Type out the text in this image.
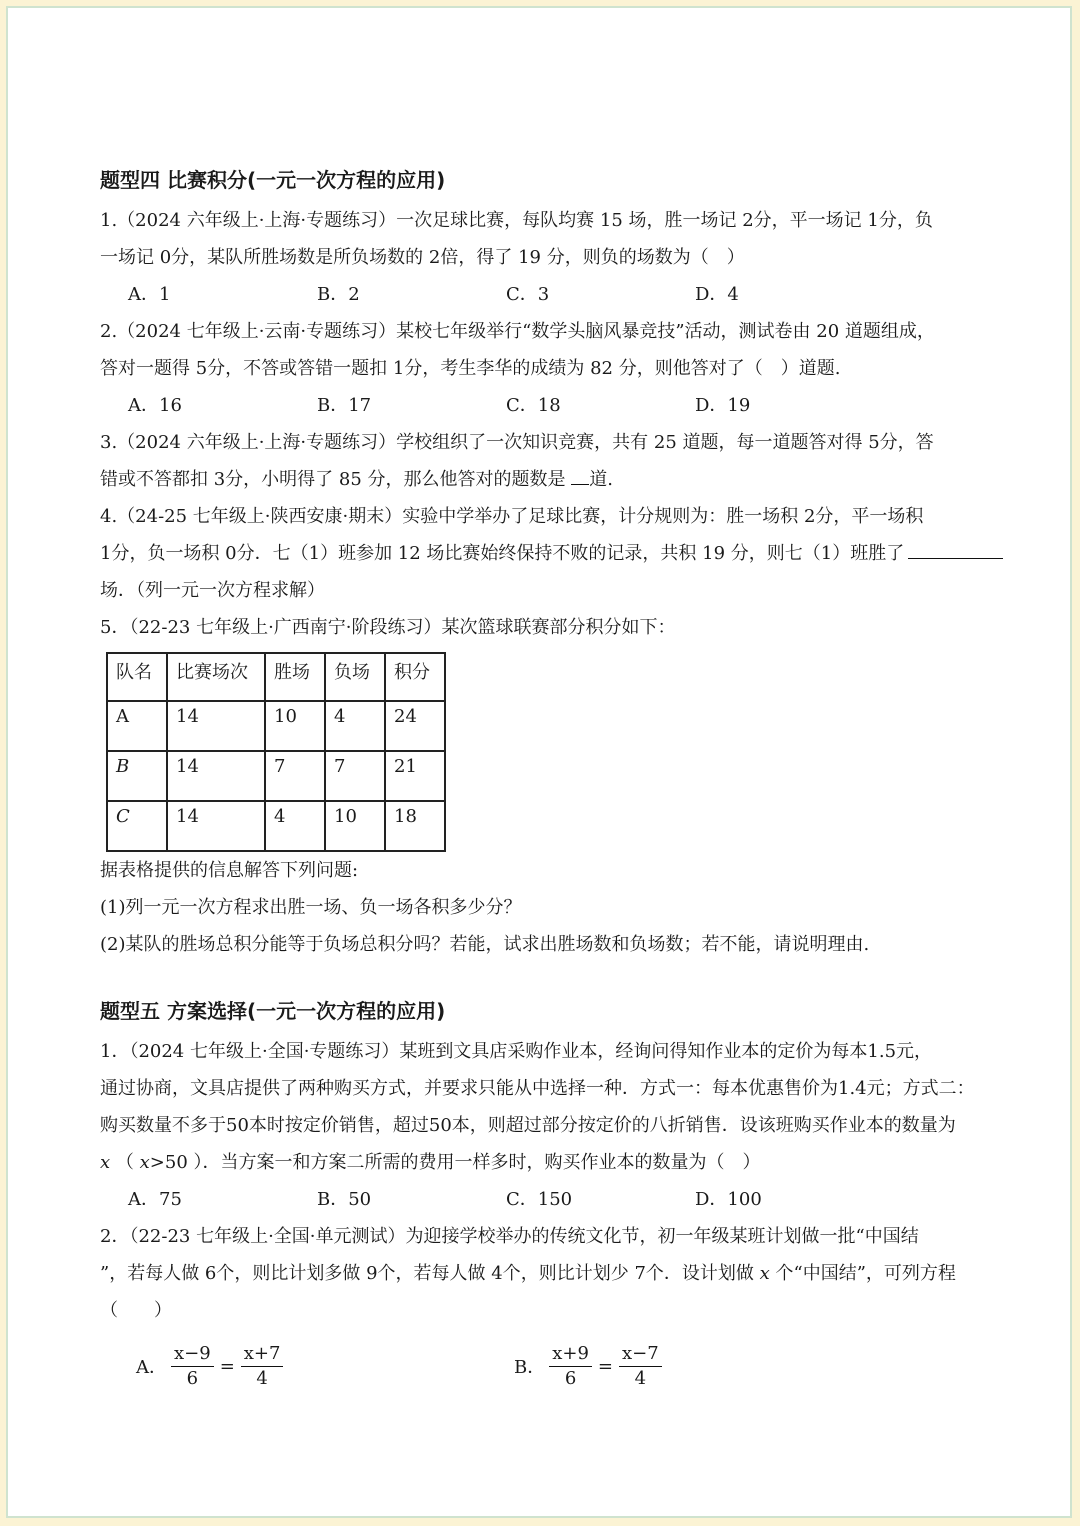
题型四 比赛积分(一元一次方程的应用)
1.（2024 六年级上·上海·专题练习）一次足球比赛，每队均赛 15 场，胜一场记 2分，平一场记 1分，负
一场记 0分，某队所胜场数是所负场数的 2倍，得了 19 分，则负的场数为（　）
A．1	B．2	C．3	D．4
2.（2024 七年级上·云南·专题练习）某校七年级举行“数学头脑风暴竞技”活动，测试卷由 20 道题组成，
答对一题得 5分，不答或答错一题扣 1分，考生李华的成绩为 82 分，则他答对了（　）道题.
A．16	B．17	C．18	D．19
3.（2024 六年级上·上海·专题练习）学校组织了一次知识竞赛，共有 25 道题，每一道题答对得 5分，答
错或不答都扣 3分，小明得了 85 分，那么他答对的题数是 道.
4.（24-25 七年级上·陕西安康·期末）实验中学举办了足球比赛，计分规则为：胜一场积 2分，平一场积
1分，负一场积 0分．七（1）班参加 12 场比赛始终保持不败的记录，共积 19 分，则七（1）班胜了
场．（列一元一次方程求解）
5．（22-23 七年级上·广西南宁·阶段练习）某次篮球联赛部分积分如下：
队名	比赛场次	胜场	负场	积分
A	14	10	4	24
B	14	7	7	21
C	14	4	10	18
据表格提供的信息解答下列问题:
(1)列一元一次方程求出胜一场、负一场各积多少分？
(2)某队的胜场总积分能等于负场总积分吗？若能，试求出胜场数和负场数；若不能，请说明理由.
题型五 方案选择(一元一次方程的应用)
1．（2024 七年级上·全国·专题练习）某班到文具店采购作业本，经询问得知作业本的定价为每本1.5元，
通过协商，文具店提供了两种购买方式，并要求只能从中选择一种．方式一：每本优惠售价为1.4元；方式二：
购买数量不多于50本时按定价销售，超过50本，则超过部分按定价的八折销售．设该班购买作业本的数量为
x （ x>50 ）．当方案一和方案二所需的费用一样多时，购买作业本的数量为（　）
A．75	B．50	C．150	D．100
2．（22-23 七年级上·全国·单元测试）为迎接学校举办的传统文化节，初一年级某班计划做一批“中国结
”，若每人做 6个，则比计划多做 9个，若每人做 4个，则比计划少 7个．设计划做 x 个“中国结”，可列方程
（　　）
A． $\frac{x-9}{6} = \frac{x+7}{4}$	B． $\frac{x+9}{6} = \frac{x-7}{4}$
